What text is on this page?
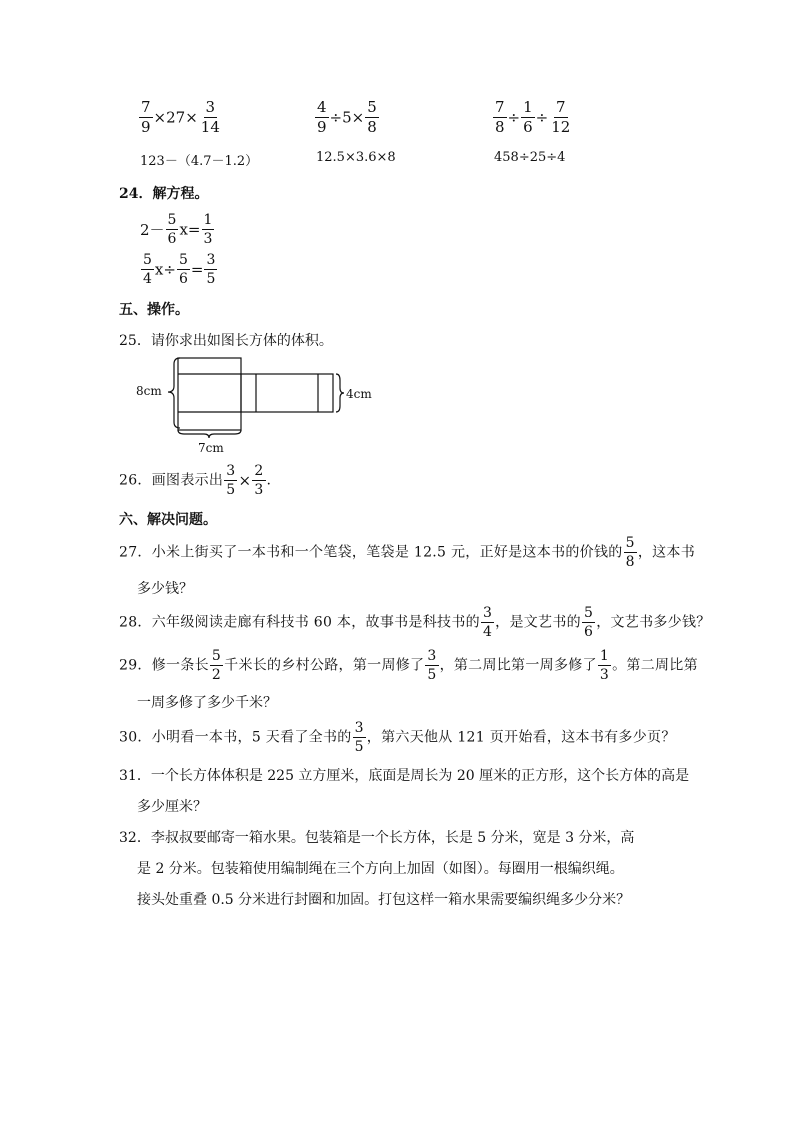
$\frac{7}{9} \times 27\times \frac{3}{14}$	$\frac{4}{9} \div 5\times \frac{5}{8}$	$\frac{7}{8} \div \frac{1}{6} \div \frac{7}{12}$
123－（4.7－1.2）	12.5×3.6×8	458÷25÷4
24．解方程。
$2- \frac{5}{6} x= \frac{1}{3}$
$\frac{5}{4} x\div \frac{5}{6} = \frac{3}{5}$
五、操作。
25．请你求出如图长方体的体积。
8cm	4cm
7cm
26．画图表示出 $\frac{3}{5} \times \frac{2}{3}$ .
六、解决问题。
27．小米上街买了一本书和一个笔袋，笔袋是 12.5 元，正好是这本书的价钱的 $\frac{5}{8}$ ，这本书
多少钱？
28．六年级阅读走廊有科技书 60 本，故事书是科技书的 $\frac{3}{4}$ ，是文艺书的 $\frac{5}{6}$ ，文艺书多少钱？
29．修一条长 $\frac{5}{2}$ 千米长的乡村公路，第一周修了 $\frac{3}{5}$ ，第二周比第一周多修了 $\frac{1}{3}$ 。第二周比第
一周多修了多少千米？
30．小明看一本书，5 天看了全书的 $\frac{3}{5}$ ，第六天他从 121 页开始看，这本书有多少页？
31．一个长方体体积是 225 立方厘米，底面是周长为 20 厘米的正方形，这个长方体的高是
多少厘米？
32．李叔叔要邮寄一箱水果。包装箱是一个长方体，长是 5 分米，宽是 3 分米，高
是 2 分米。包装箱使用编制绳在三个方向上加固（如图）。每圈用一根编织绳。
接头处重叠 0.5 分米进行封圈和加固。打包这样一箱水果需要编织绳多少分米？
